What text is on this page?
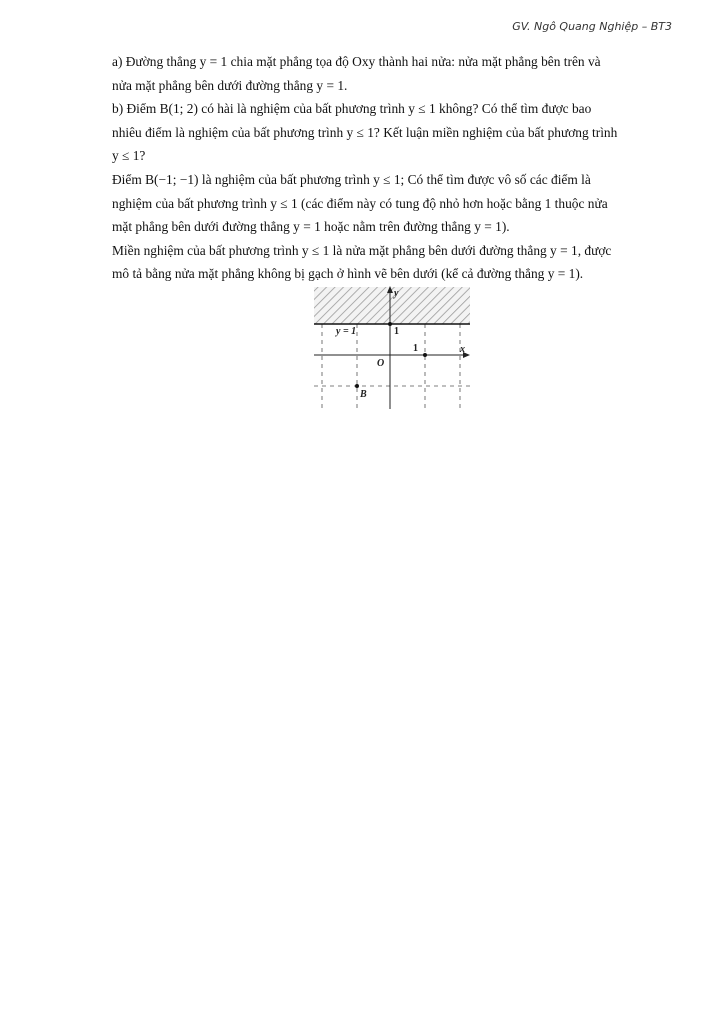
GV. Ngô Quang Nghiệp – BT3
a) Đường thẳng y = 1 chia mặt phẳng tọa độ Oxy thành hai nửa: nửa mặt phẳng bên trên và
nửa mặt phẳng bên dưới đường thẳng y = 1.
b) Điểm B(1; 2) có hài là nghiệm của bất phương trình y ≤ 1 không? Có thể tìm được bao
nhiêu điểm là nghiệm của bất phương trình y ≤ 1? Kết luận miền nghiệm của bất phương trình
y ≤ 1?
Điểm B(−1; −1) là nghiệm của bất phương trình y ≤ 1; Có thể tìm được vô số các điểm là
nghiệm của bất phương trình y ≤ 1 (các điểm này có tung độ nhỏ hơn hoặc bằng 1 thuộc nửa
mặt phẳng bên dưới đường thẳng y = 1 hoặc nằm trên đường thẳng y = 1).
Miền nghiệm của bất phương trình y ≤ 1 là nửa mặt phẳng bên dưới đường thẳng y = 1, được
mô tả bằng nửa mặt phẳng không bị gạch ở hình vẽ bên dưới (kể cả đường thẳng y = 1).
y
x
y = 1	1
1
O
B
